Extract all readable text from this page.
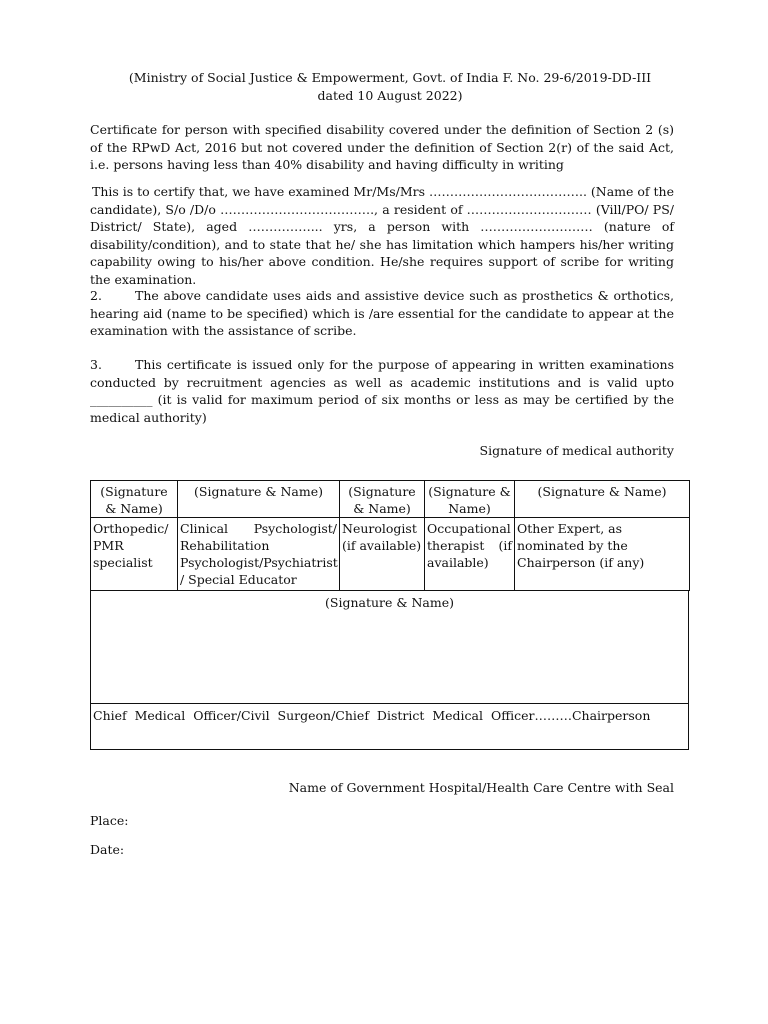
(Ministry of Social Justice & Empowerment, Govt. of India F. No. 29-6/2019-DD-III
dated 10 August 2022)
Certificate for person with specified disability covered under the definition of Section 2 (s) of the RPwD Act, 2016 but not covered under the definition of Section 2(r) of the said Act, i.e. persons having less than 40% disability and having difficulty in writing
This is to certify that, we have examined Mr/Ms/Mrs ……………………………….. (Name of the candidate), S/o /D/o ………………………………., a resident of ………………………… (Vill/PO/ PS/ District/ State), aged ……………... yrs, a person with ……………………… (nature of disability/condition), and to state that he/ she has limitation which hampers his/her writing capability owing to his/her above condition. He/she requires support of scribe for writing the examination.
2.	The above candidate uses aids and assistive device such as prosthetics & orthotics, hearing aid (name to be specified) which is /are essential for the candidate to appear at the examination with the assistance of scribe.
3.	This certificate is issued only for the purpose of appearing in written examinations conducted by recruitment agencies as well as academic institutions and is valid upto __________ (it is valid for maximum period of six months or less as may be certified by the medical authority)
Signature of medical authority
(Signature & Name)	(Signature & Name)	(Signature & Name)	(Signature & Name)	(Signature & Name)
Orthopedic/ PMR specialist	Clinical Psychologist/ Rehabilitation Psychologist/Psychiatrist / Special Educator	Neurologist (if available)	Occupational therapist (if available)	Other Expert, as nominated by the Chairperson (if any)
(Signature & Name)
Chief Medical Officer/Civil Surgeon/Chief District Medical Officer………Chairperson
Name of Government Hospital/Health Care Centre with Seal
Place:
Date:
